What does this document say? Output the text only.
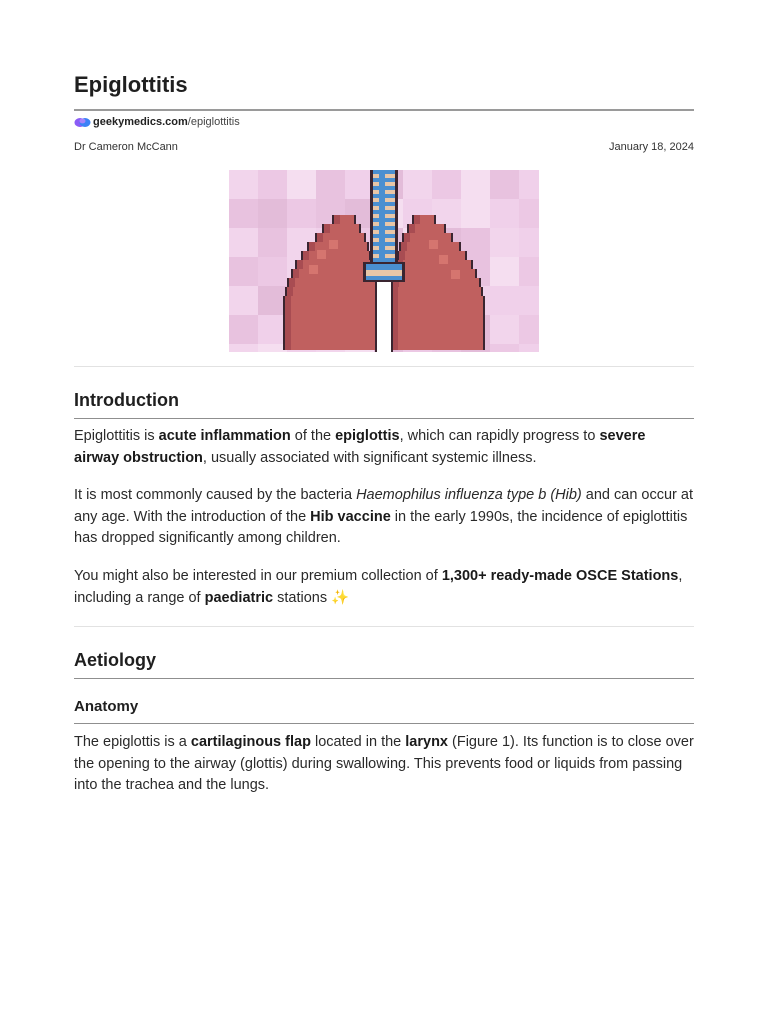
Epiglottitis
geekymedics.com /epiglottitis
Dr Cameron McCann	January 18, 2024
Introduction

Epiglottitis is acute inflammation of the epiglottis, which can rapidly progress to severe airway obstruction, usually associated with significant systemic illness.

It is most commonly caused by the bacteria Haemophilus influenza type b (Hib) and can occur at any age. With the introduction of the Hib vaccine in the early 1990s, the incidence of epiglottitis has dropped significantly among children.

You might also be interested in our premium collection of 1,300+ ready-made OSCE Stations, including a range of paediatric stations ✨

Aetiology
Anatomy

The epiglottis is a cartilaginous flap located in the larynx (Figure 1). Its function is to close over the opening to the airway (glottis) during swallowing. This prevents food or liquids from passing into the trachea and the lungs.
